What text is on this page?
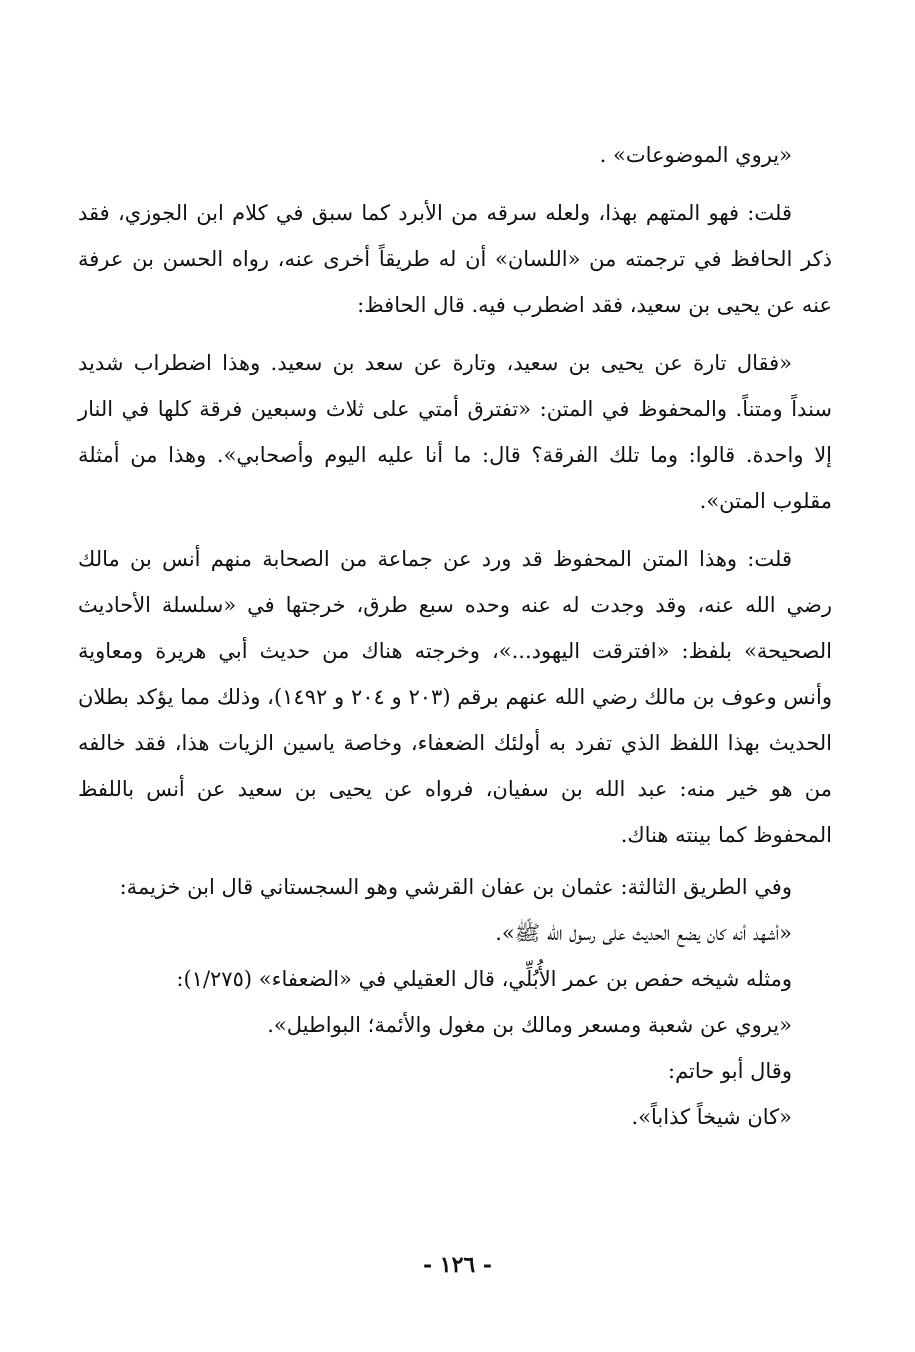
«يروي الموضوعات» .

قلت: فهو المتهم بهذا، ولعله سرقه من الأبرد كما سبق في كلام ابن الجوزي، فقد ذكر الحافظ في ترجمته من «اللسان» أن له طريقاً أخرى عنه، رواه الحسن بن عرفة عنه عن يحيى بن سعيد، فقد اضطرب فيه. قال الحافظ:

«فقال تارة عن يحيى بن سعيد، وتارة عن سعد بن سعيد. وهذا اضطراب شديد سنداً ومتناً. والمحفوظ في المتن: «تفترق أمتي على ثلاث وسبعين فرقة كلها في النار إلا واحدة. قالوا: وما تلك الفرقة؟ قال: ما أنا عليه اليوم وأصحابي». وهذا من أمثلة مقلوب المتن».

قلت: وهذا المتن المحفوظ قد ورد عن جماعة من الصحابة منهم أنس بن مالك رضي الله عنه، وقد وجدت له عنه وحده سبع طرق، خرجتها في «سلسلة الأحاديث الصحيحة» بلفظ: «افترقت اليهود...»، وخرجته هناك من حديث أبي هريرة ومعاوية وأنس وعوف بن مالك رضي الله عنهم برقم (٢٠٣ و ٢٠٤ و ١٤٩٢)، وذلك مما يؤكد بطلان الحديث بهذا اللفظ الذي تفرد به أولئك الضعفاء، وخاصة ياسين الزيات هذا، فقد خالفه من هو خير منه: عبد الله بن سفيان، فرواه عن يحيى بن سعيد عن أنس باللفظ المحفوظ كما بينته هناك.

وفي الطريق الثالثة: عثمان بن عفان القرشي وهو السجستاني قال ابن خزيمة:

«أشهد أنه كان يضع الحديث على رسول الله ﷺ».

ومثله شيخه حفص بن عمر الأُبُلِّي، قال العقيلي في «الضعفاء» (١/٢٧٥):

«يروي عن شعبة ومسعر ومالك بن مغول والأئمة؛ البواطيل».

وقال أبو حاتم:

«كان شيخاً كذاباً».

- ١٢٦ -
